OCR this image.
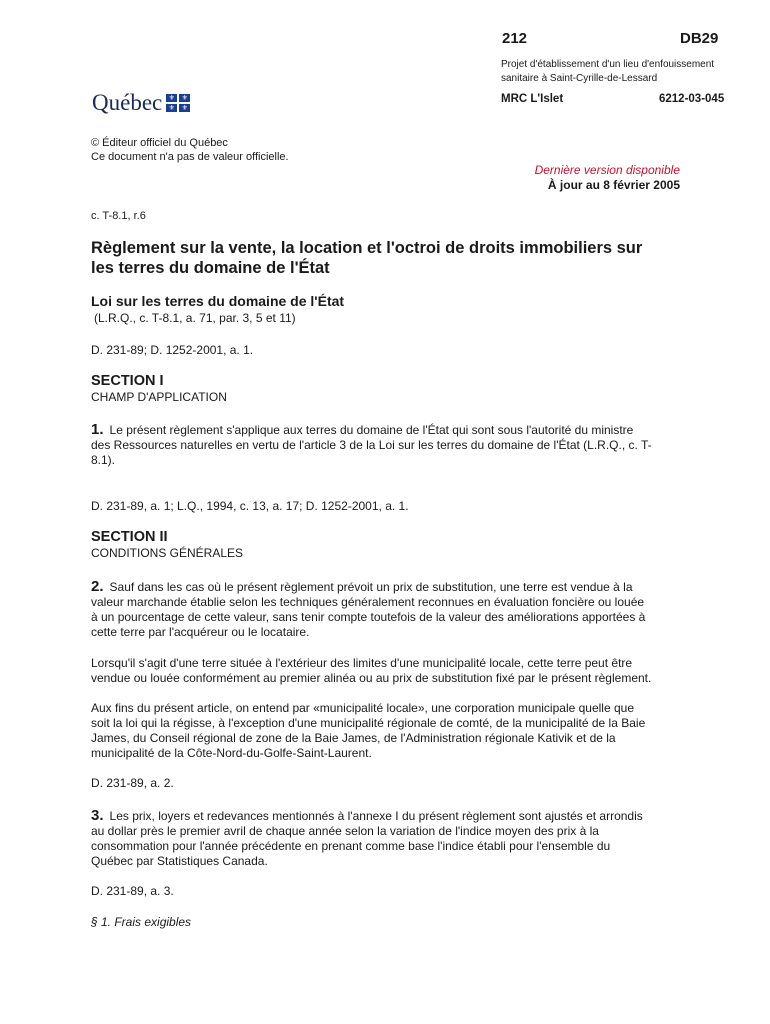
212	DB29
Projet d'établissement d'un lieu d'enfouissement
sanitaire à Saint-Cyrille-de-Lessard
MRC L'Islet	6212-03-045
Québec ⚜ ⚜
⚜ ⚜
© Éditeur officiel du Québec
Ce document n'a pas de valeur officielle.
Dernière version disponible
À jour au 8 février 2005
c. T-8.1, r.6
Règlement sur la vente, la location et l'octroi de droits immobiliers sur
les terres du domaine de l'État
Loi sur les terres du domaine de l'État
(L.R.Q., c. T-8.1, a. 71, par. 3, 5 et 11)
D. 231-89; D. 1252-2001, a. 1.
SECTION I
CHAMP D'APPLICATION
1. Le présent règlement s'applique aux terres du domaine de l'État qui sont sous l'autorité du ministre
des Ressources naturelles en vertu de l'article 3 de la Loi sur les terres du domaine de l'État (L.R.Q., c. T-
8.1).
D. 231-89, a. 1; L.Q., 1994, c. 13, a. 17; D. 1252-2001, a. 1.
SECTION II
CONDITIONS GÉNÉRALES
2. Sauf dans les cas où le présent règlement prévoit un prix de substitution, une terre est vendue à la
valeur marchande établie selon les techniques généralement reconnues en évaluation foncière ou louée
à un pourcentage de cette valeur, sans tenir compte toutefois de la valeur des améliorations apportées à
cette terre par l'acquéreur ou le locataire.
Lorsqu'il s'agit d'une terre située à l'extérieur des limites d'une municipalité locale, cette terre peut être
vendue ou louée conformément au premier alinéa ou au prix de substitution fixé par le présent règlement.
Aux fins du présent article, on entend par «municipalité locale», une corporation municipale quelle que
soit la loi qui la régisse, à l'exception d'une municipalité régionale de comté, de la municipalité de la Baie
James, du Conseil régional de zone de la Baie James, de l'Administration régionale Kativik et de la
municipalité de la Côte-Nord-du-Golfe-Saint-Laurent.
D. 231-89, a. 2.
3. Les prix, loyers et redevances mentionnés à l'annexe I du présent règlement sont ajustés et arrondis
au dollar près le premier avril de chaque année selon la variation de l'indice moyen des prix à la
consommation pour l'année précédente en prenant comme base l'indice établi pour l'ensemble du
Québec par Statistiques Canada.
D. 231-89, a. 3.
§ 1. Frais exigibles
